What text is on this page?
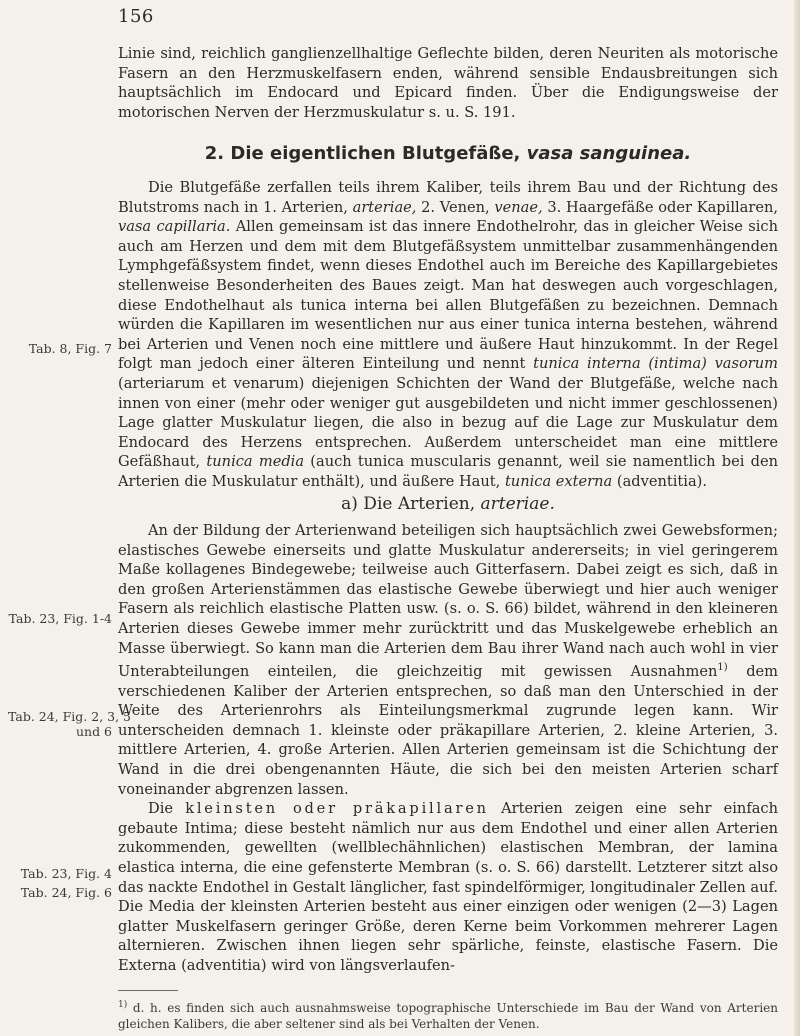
156
Tab. 8, Fig. 7
Tab. 23, Fig. 1-4
Tab. 24, Fig. 2, 3, 5
und 6
Tab. 23, Fig. 4
Tab. 24, Fig. 6

Linie sind, reichlich ganglienzellhaltige Geflechte bilden, deren Neuriten als motorische Fasern an den Herzmuskelfasern enden, während sensible Endausbreitungen sich hauptsächlich im Endocard und Epicard finden. Über die Endigungsweise der motorischen Nerven der Herzmuskulatur s. u. S. 191.

2. Die eigentlichen Blutgefäße, vasa sanguinea.

Die Blutgefäße zerfallen teils ihrem Kaliber, teils ihrem Bau und der Richtung des Blutstroms nach in 1. Arterien, arteriae, 2. Venen, venae, 3. Haargefäße oder Kapillaren, vasa capillaria. Allen gemeinsam ist das innere Endothelrohr, das in gleicher Weise sich auch am Herzen und dem mit dem Blutgefäßsystem unmittelbar zusammenhängenden Lymphgefäßsystem findet, wenn dieses Endothel auch im Bereiche des Kapillargebietes stellenweise Besonderheiten des Baues zeigt. Man hat deswegen auch vorgeschlagen, diese Endothelhaut als tunica interna bei allen Blutgefäßen zu bezeichnen. Demnach würden die Kapillaren im wesentlichen nur aus einer tunica interna bestehen, während bei Arterien und Venen noch eine mittlere und äußere Haut hinzukommt. In der Regel folgt man jedoch einer älteren Einteilung und nennt tunica interna (intima) vasorum (arteriarum et venarum) diejenigen Schichten der Wand der Blutgefäße, welche nach innen von einer (mehr oder weniger gut ausgebildeten und nicht immer geschlossenen) Lage glatter Muskulatur liegen, die also in bezug auf die Lage zur Muskulatur dem Endocard des Herzens entsprechen. Außerdem unterscheidet man eine mittlere Gefäßhaut, tunica media (auch tunica muscularis genannt, weil sie namentlich bei den Arterien die Muskulatur enthält), und äußere Haut, tunica externa (adventitia).

a) Die Arterien, arteriae.

An der Bildung der Arterienwand beteiligen sich hauptsächlich zwei Gewebsformen; elastisches Gewebe einerseits und glatte Muskulatur andererseits; in viel geringerem Maße kollagenes Bindegewebe; teilweise auch Gitterfasern. Dabei zeigt es sich, daß in den großen Arterienstämmen das elastische Gewebe überwiegt und hier auch weniger Fasern als reichlich elastische Platten usw. (s. o. S. 66) bildet, während in den kleineren Arterien dieses Gewebe immer mehr zurücktritt und das Muskelgewebe erheblich an Masse überwiegt. So kann man die Arterien dem Bau ihrer Wand nach auch wohl in vier Unterabteilungen einteilen, die gleichzeitig mit gewissen Ausnahmen$^{1)}$ dem verschiedenen Kaliber der Arterien entsprechen, so daß man den Unterschied in der Weite des Arterienrohrs als Einteilungsmerkmal zugrunde legen kann. Wir unterscheiden demnach 1. kleinste oder präkapillare Arterien, 2. kleine Arterien, 3. mittlere Arterien, 4. große Arterien. Allen Arterien gemeinsam ist die Schichtung der Wand in die drei obengenannten Häute, die sich bei den meisten Arterien scharf voneinander abgrenzen lassen.

Die kleinsten oder präkapillaren Arterien zeigen eine sehr einfach gebaute Intima; diese besteht nämlich nur aus dem Endothel und einer allen Arterien zukommenden, gewellten (wellblechähnlichen) elastischen Membran, der lamina elastica interna, die eine gefensterte Membran (s. o. S. 66) darstellt. Letzterer sitzt also das nackte Endothel in Gestalt länglicher, fast spindelförmiger, longitudinaler Zellen auf. Die Media der kleinsten Arterien besteht aus einer einzigen oder wenigen (2—3) Lagen glatter Muskelfasern geringer Größe, deren Kerne beim Vorkommen mehrerer Lagen alternieren. Zwischen ihnen liegen sehr spärliche, feinste, elastische Fasern. Die Externa (adventitia) wird von längsverlaufen-

$^{1)}$ d. h. es finden sich auch ausnahmsweise topographische Unterschiede im Bau der Wand von Arterien gleichen Kalibers, die aber seltener sind als bei Verhalten der Venen.
